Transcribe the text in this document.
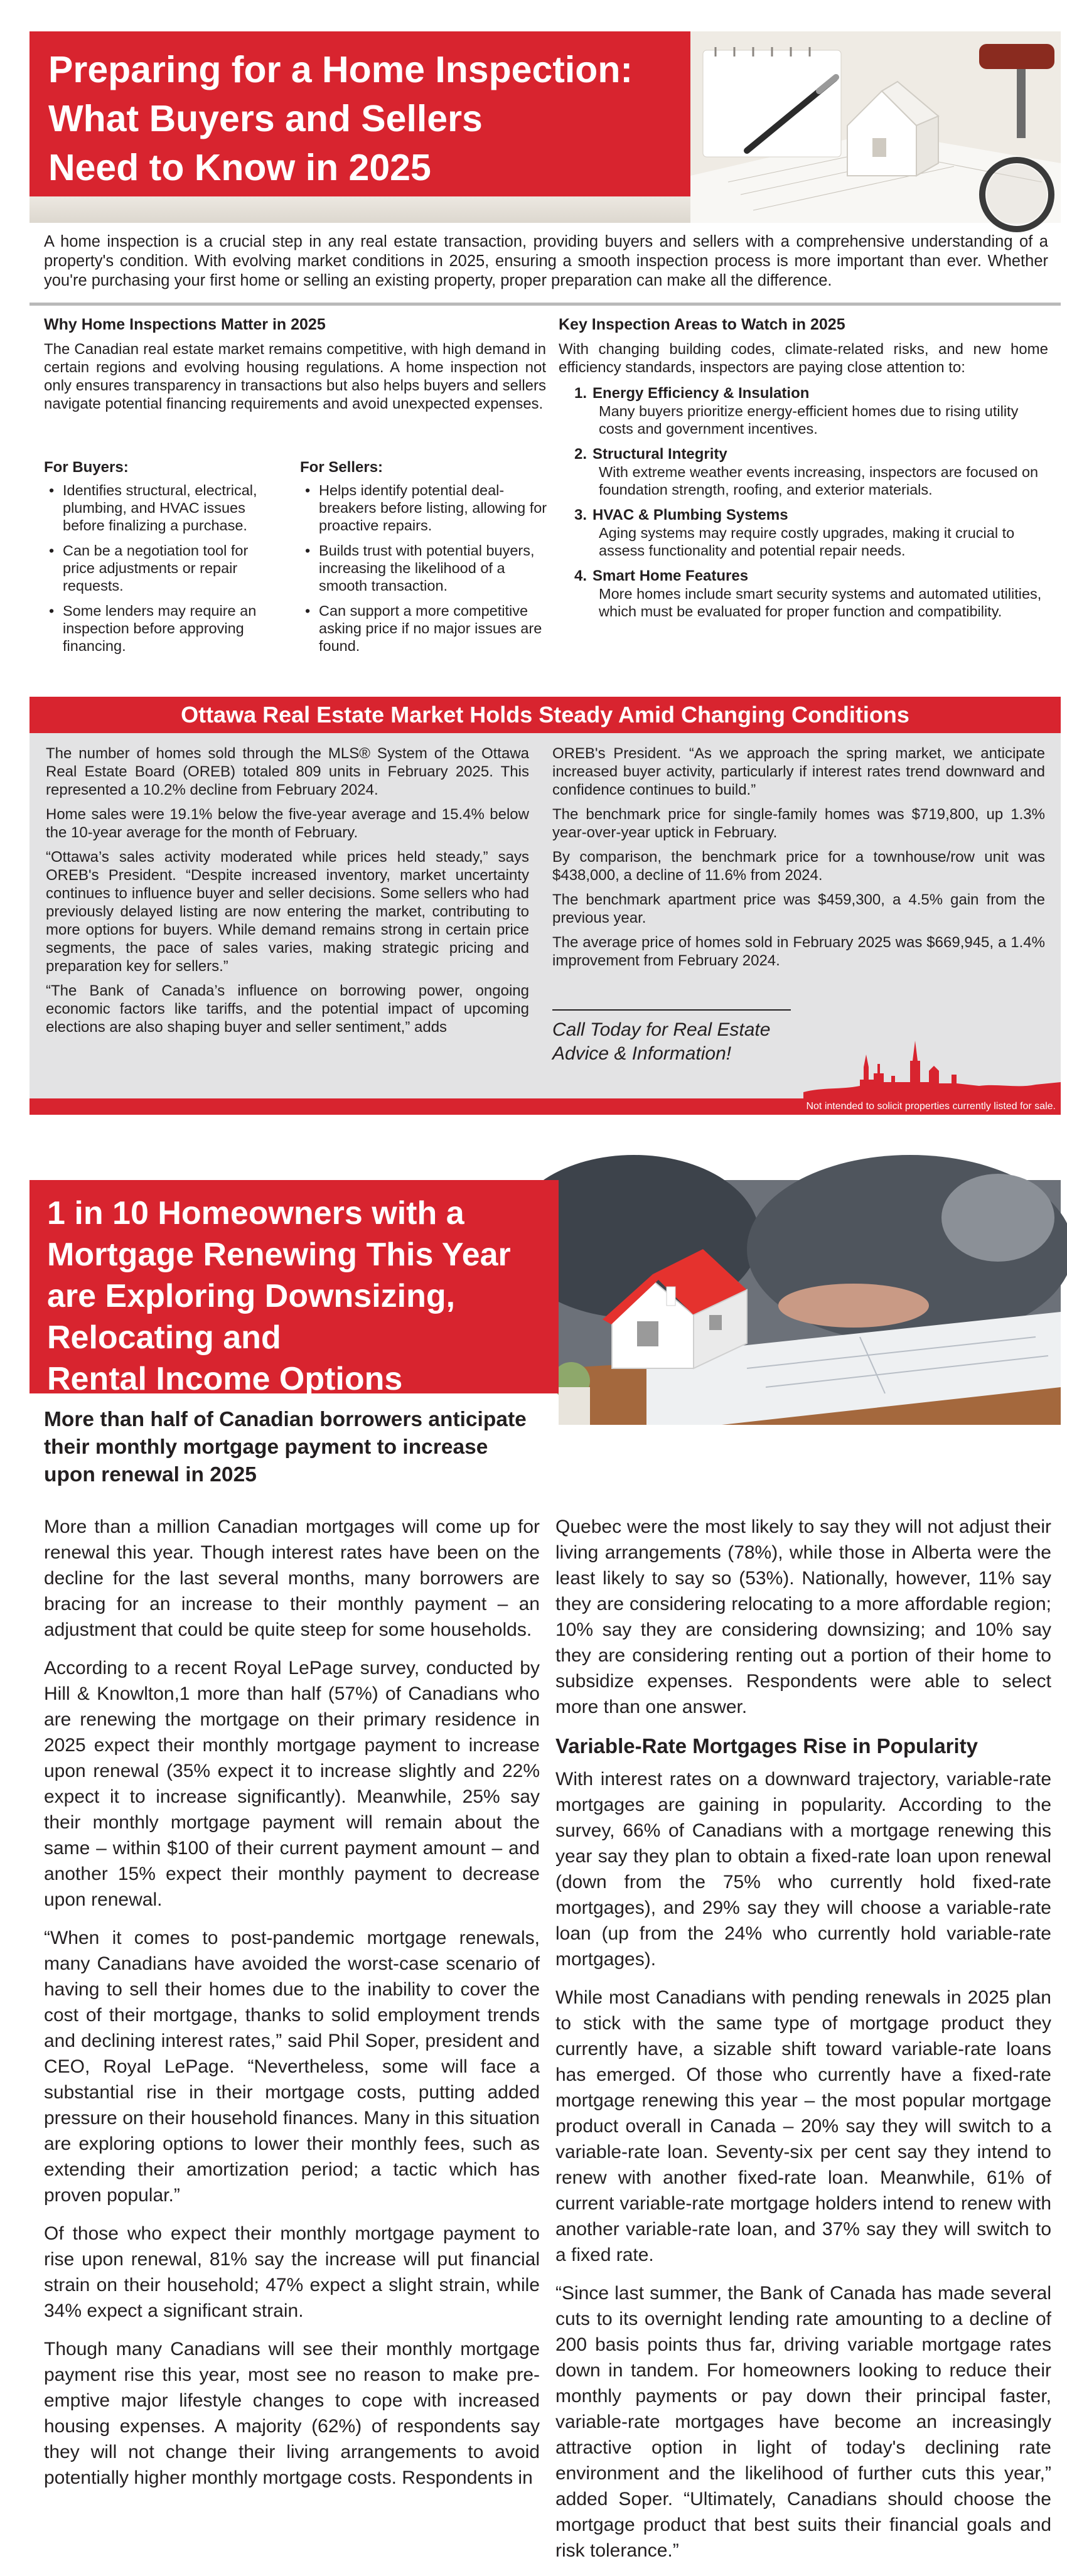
Preparing for a Home Inspection:
What Buyers and Sellers
Need to Know in 2025

A home inspection is a crucial step in any real estate transaction, providing buyers and sellers with a comprehensive understanding of a property's condition. With evolving market conditions in 2025, ensuring a smooth inspection process is more important than ever. Whether you're purchasing your first home or selling an existing property, proper preparation can make all the difference.

Why Home Inspections Matter in 2025

The Canadian real estate market remains competitive, with high demand in certain regions and evolving housing regulations. A home inspection not only ensures transparency in transactions but also helps buyers and sellers navigate potential financing requirements and avoid unexpected expenses.

For Buyers:
• Identifies structural, electrical, plumbing, and HVAC issues before finalizing a purchase.
• Can be a negotiation tool for price adjustments or repair requests.
• Some lenders may require an inspection before approving financing.
For Sellers:
• Helps identify potential deal-breakers before listing, allowing for proactive repairs.
• Builds trust with potential buyers, increasing the likelihood of a smooth transaction.
• Can support a more competitive asking price if no major issues are found.
Key Inspection Areas to Watch in 2025

With changing building codes, climate-related risks, and new home efficiency standards, inspectors are paying close attention to:

1. Energy Efficiency & Insulation
Many buyers prioritize energy-efficient homes due to rising utility costs and government incentives.
2. Structural Integrity
With extreme weather events increasing, inspectors are focused on foundation strength, roofing, and exterior materials.
3. HVAC & Plumbing Systems
Aging systems may require costly upgrades, making it crucial to assess functionality and potential repair needs.
4. Smart Home Features
More homes include smart security systems and automated utilities, which must be evaluated for proper function and compatibility.
Ottawa Real Estate Market Holds Steady Amid Changing Conditions

The number of homes sold through the MLS® System of the Ottawa Real Estate Board (OREB) totaled 809 units in February 2025. This represented a 10.2% decline from February 2024.

Home sales were 19.1% below the five-year average and 15.4% below the 10-year average for the month of February.

“Ottawa’s sales activity moderated while prices held steady,” says OREB's President. “Despite increased inventory, market uncertainty continues to influence buyer and seller decisions. Some sellers who had previously delayed listing are now entering the market, contributing to more options for buyers. While demand remains strong in certain price segments, the pace of sales varies, making strategic pricing and preparation key for sellers.”

“The Bank of Canada’s influence on borrowing power, ongoing economic factors like tariffs, and the potential impact of upcoming elections are also shaping buyer and seller sentiment,” adds

OREB's President. “As we approach the spring market, we anticipate increased buyer activity, particularly if interest rates trend downward and confidence continues to build.”

The benchmark price for single-family homes was $719,800, up 1.3% year-over-year uptick in February.

By comparison, the benchmark price for a townhouse/row unit was $438,000, a decline of 11.6% from 2024.

The benchmark apartment price was $459,300, a 4.5% gain from the previous year.

The average price of homes sold in February 2025 was $669,945, a 1.4% improvement from February 2024.

Call Today for Real Estate
Advice & Information!
Not intended to solicit properties currently listed for sale.
1 in 10 Homeowners with a
Mortgage Renewing This Year
are Exploring Downsizing,
Relocating and
Rental Income Options
More than half of Canadian borrowers anticipate their monthly mortgage payment to increase upon renewal in 2025

More than a million Canadian mortgages will come up for renewal this year. Though interest rates have been on the decline for the last several months, many borrowers are bracing for an increase to their monthly payment – an adjustment that could be quite steep for some households.

According to a recent Royal LePage survey, conducted by Hill & Knowlton,1 more than half (57%) of Canadians who are renewing the mortgage on their primary residence in 2025 expect their monthly mortgage payment to increase upon renewal (35% expect it to increase slightly and 22% expect it to increase significantly). Meanwhile, 25% say their monthly mortgage payment will remain about the same – within $100 of their current payment amount – and another 15% expect their monthly payment to decrease upon renewal.

“When it comes to post-pandemic mortgage renewals, many Canadians have avoided the worst-case scenario of having to sell their homes due to the inability to cover the cost of their mortgage, thanks to solid employment trends and declining interest rates,” said Phil Soper, president and CEO, Royal LePage. “Nevertheless, some will face a substantial rise in their mortgage costs, putting added pressure on their household finances. Many in this situation are exploring options to lower their monthly fees, such as extending their amortization period; a tactic which has proven popular.”

Of those who expect their monthly mortgage payment to rise upon renewal, 81% say the increase will put financial strain on their household; 47% expect a slight strain, while 34% expect a significant strain.

Though many Canadians will see their monthly mortgage payment rise this year, most see no reason to make pre-emptive major lifestyle changes to cope with increased housing expenses. A majority (62%) of respondents say they will not change their living arrangements to avoid potentially higher monthly mortgage costs. Respondents in

Quebec were the most likely to say they will not adjust their living arrangements (78%), while those in Alberta were the least likely to say so (53%). Nationally, however, 11% say they are considering relocating to a more affordable region; 10% say they are considering downsizing; and 10% say they are considering renting out a portion of their home to subsidize expenses. Respondents were able to select more than one answer.

Variable-Rate Mortgages Rise in Popularity

With interest rates on a downward trajectory, variable-rate mortgages are gaining in popularity. According to the survey, 66% of Canadians with a mortgage renewing this year say they plan to obtain a fixed-rate loan upon renewal (down from the 75% who currently hold fixed-rate mortgages), and 29% say they will choose a variable-rate loan (up from the 24% who currently hold variable-rate mortgages).

While most Canadians with pending renewals in 2025 plan to stick with the same type of mortgage product they currently have, a sizable shift toward variable-rate loans has emerged. Of those who currently have a fixed-rate mortgage renewing this year – the most popular mortgage product overall in Canada – 20% say they will switch to a variable-rate loan. Seventy-six per cent say they intend to renew with another fixed-rate loan. Meanwhile, 61% of current variable-rate mortgage holders intend to renew with another variable-rate loan, and 37% say they will switch to a fixed rate.

“Since last summer, the Bank of Canada has made several cuts to its overnight lending rate amounting to a decline of 200 basis points thus far, driving variable mortgage rates down in tandem. For homeowners looking to reduce their monthly payments or pay down their principal faster, variable-rate mortgages have become an increasingly attractive option in light of today's declining rate environment and the likelihood of further cuts this year,” added Soper. “Ultimately, Canadians should choose the mortgage product that best suits their financial goals and risk tolerance.”
